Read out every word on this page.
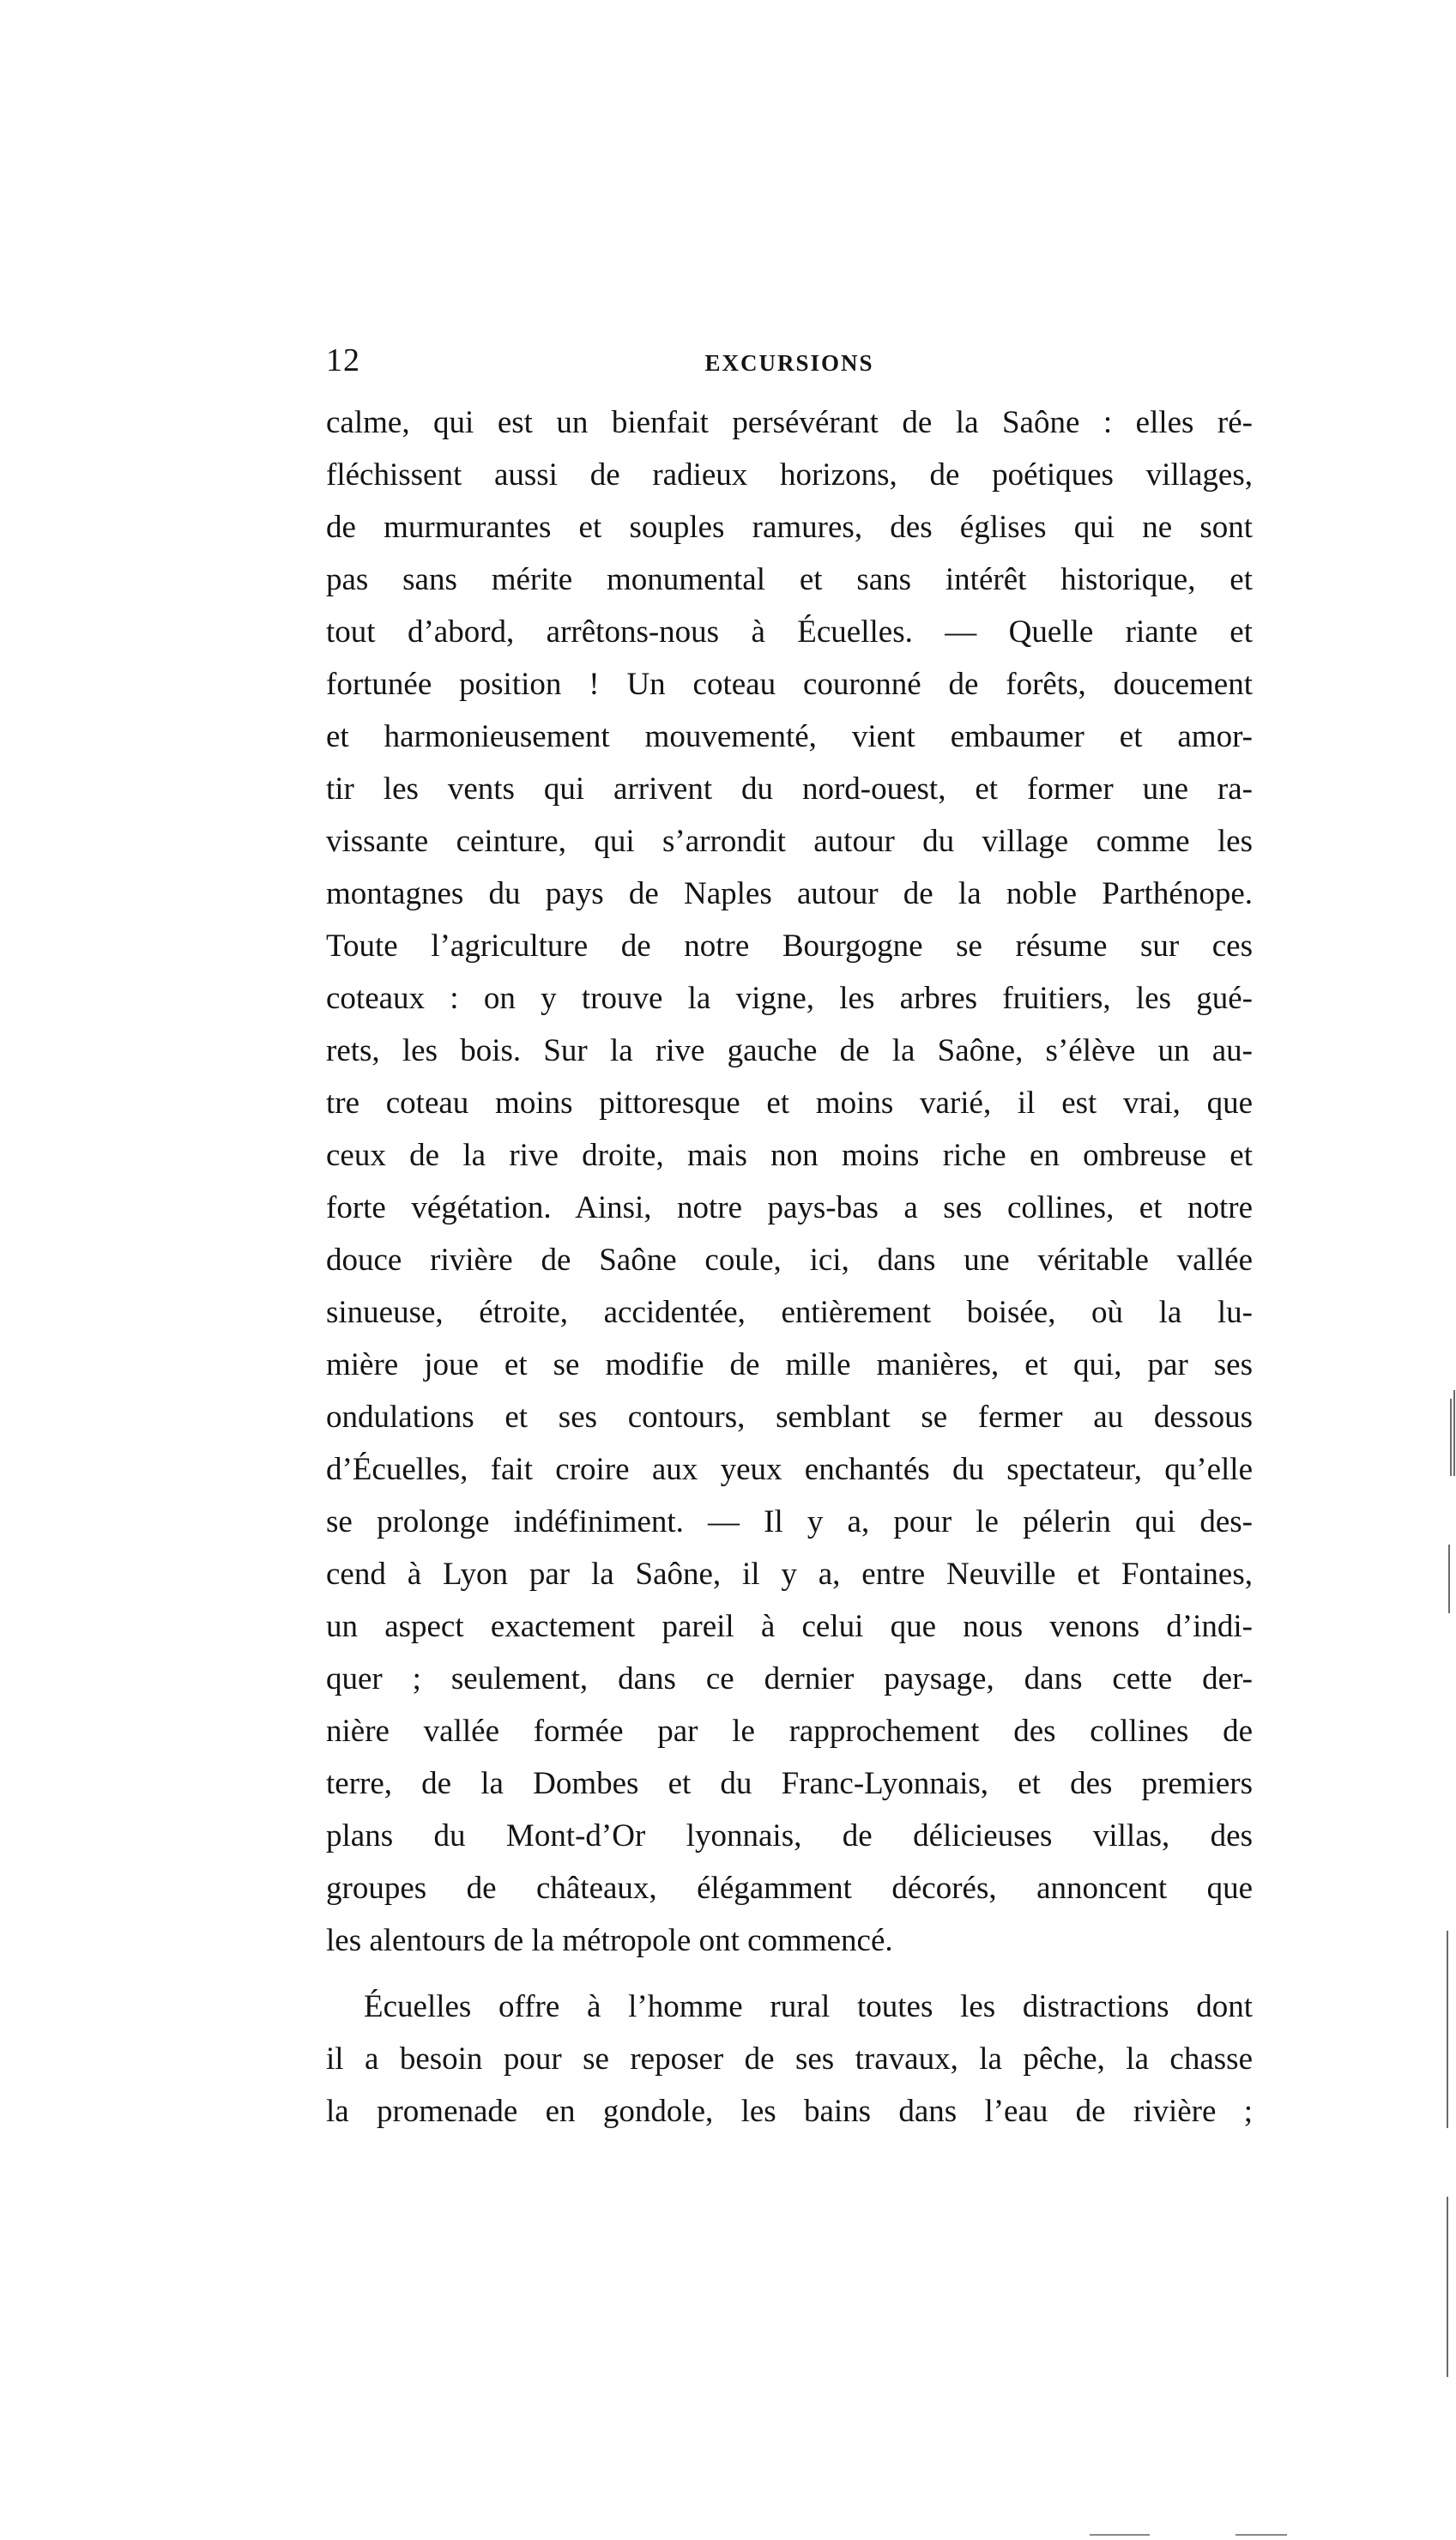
12	EXCURSIONS
calme, qui est un bienfait persévérant de la Saône : elles ré-
fléchissent aussi de radieux horizons, de poétiques villages,
de murmurantes et souples ramures, des églises qui ne sont
pas sans mérite monumental et sans intérêt historique, et
tout d’abord, arrêtons-nous à Écuelles. — Quelle riante et
fortunée position ! Un coteau couronné de forêts, doucement
et harmonieusement mouvementé, vient embaumer et amor-
tir les vents qui arrivent du nord-ouest, et former une ra-
vissante ceinture, qui s’arrondit autour du village comme les
montagnes du pays de Naples autour de la noble Parthénope.
Toute l’agriculture de notre Bourgogne se résume sur ces
coteaux : on y trouve la vigne, les arbres fruitiers, les gué-
rets, les bois. Sur la rive gauche de la Saône, s’élève un au-
tre coteau moins pittoresque et moins varié, il est vrai, que
ceux de la rive droite, mais non moins riche en ombreuse et
forte végétation. Ainsi, notre pays-bas a ses collines, et notre
douce rivière de Saône coule, ici, dans une véritable vallée
sinueuse, étroite, accidentée, entièrement boisée, où la lu-
mière joue et se modifie de mille manières, et qui, par ses
ondulations et ses contours, semblant se fermer au dessous
d’Écuelles, fait croire aux yeux enchantés du spectateur, qu’elle
se prolonge indéfiniment. — Il y a, pour le pélerin qui des-
cend à Lyon par la Saône, il y a, entre Neuville et Fontaines,
un aspect exactement pareil à celui que nous venons d’indi-
quer ; seulement, dans ce dernier paysage, dans cette der-
nière vallée formée par le rapprochement des collines de
terre, de la Dombes et du Franc-Lyonnais, et des premiers
plans du Mont-d’Or lyonnais, de délicieuses villas, des
groupes de châteaux, élégamment décorés, annoncent que
les alentours de la métropole ont commencé.
Écuelles offre à l’homme rural toutes les distractions dont
il a besoin pour se reposer de ses travaux, la pêche, la chasse
la promenade en gondole, les bains dans l’eau de rivière ;
